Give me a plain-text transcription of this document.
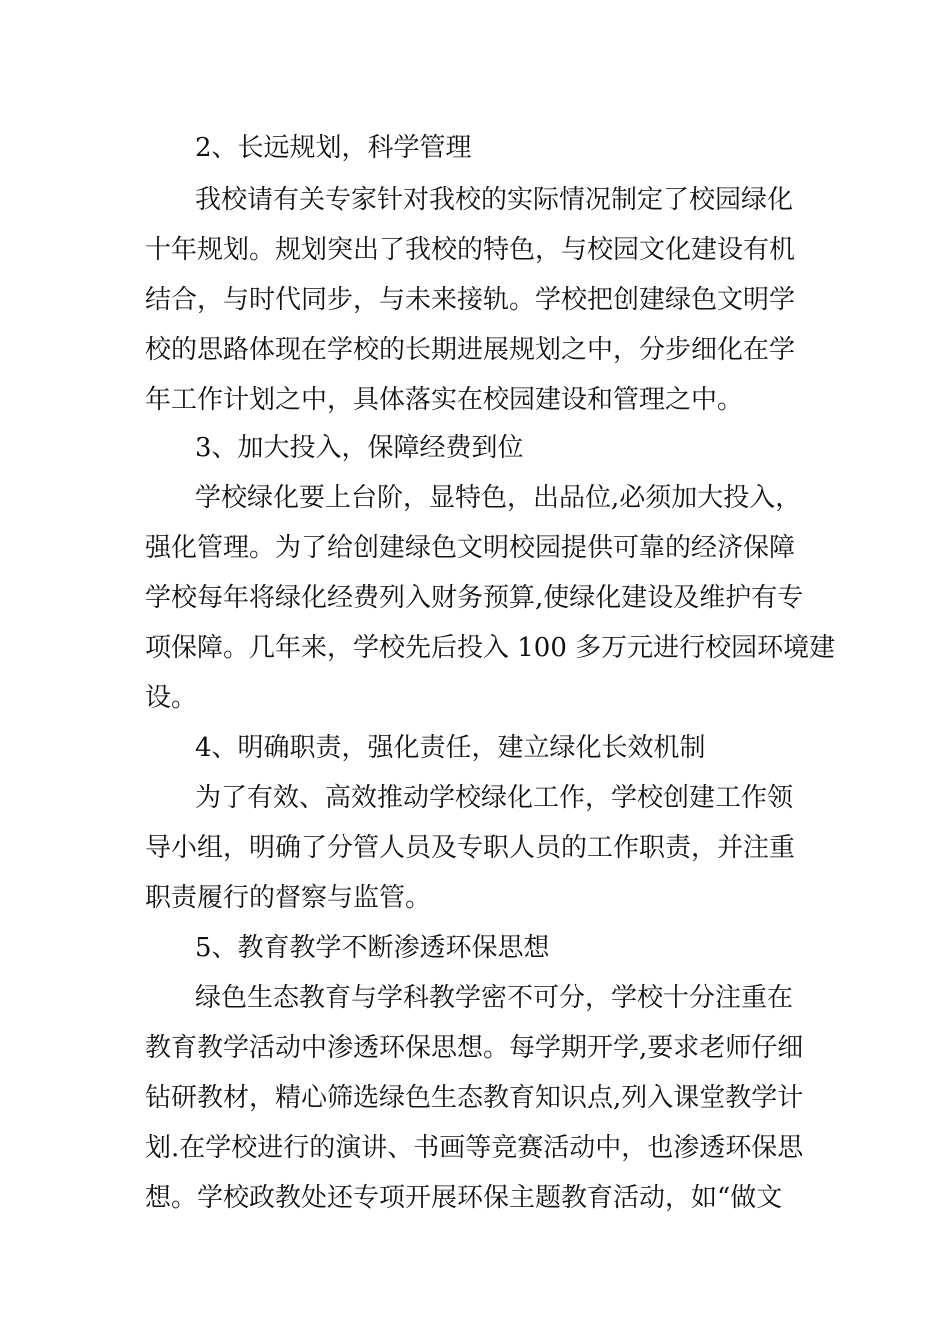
2、长远规划，科学管理
我校请有关专家针对我校的实际情况制定了校园绿化
十年规划。规划突出了我校的特色，与校园文化建设有机
结合，与时代同步，与未来接轨。学校把创建绿色文明学
校的思路体现在学校的长期进展规划之中，分步细化在学
年工作计划之中，具体落实在校园建设和管理之中。
3、加大投入，保障经费到位
学校绿化要上台阶，显特色，出品位,必须加大投入，
强化管理。为了给创建绿色文明校园提供可靠的经济保障
学校每年将绿化经费列入财务预算,使绿化建设及维护有专
项保障。几年来，学校先后投入 100 多万元进行校园环境建
设。
4、明确职责，强化责任，建立绿化长效机制
为了有效、高效推动学校绿化工作，学校创建工作领
导小组，明确了分管人员及专职人员的工作职责，并注重
职责履行的督察与监管。
5、教育教学不断渗透环保思想
绿色生态教育与学科教学密不可分，学校十分注重在
教育教学活动中渗透环保思想。每学期开学,要求老师仔细
钻研教材，精心筛选绿色生态教育知识点,列入课堂教学计
划.在学校进行的演讲、书画等竞赛活动中，也渗透环保思
想。学校政教处还专项开展环保主题教育活动，如“做文
